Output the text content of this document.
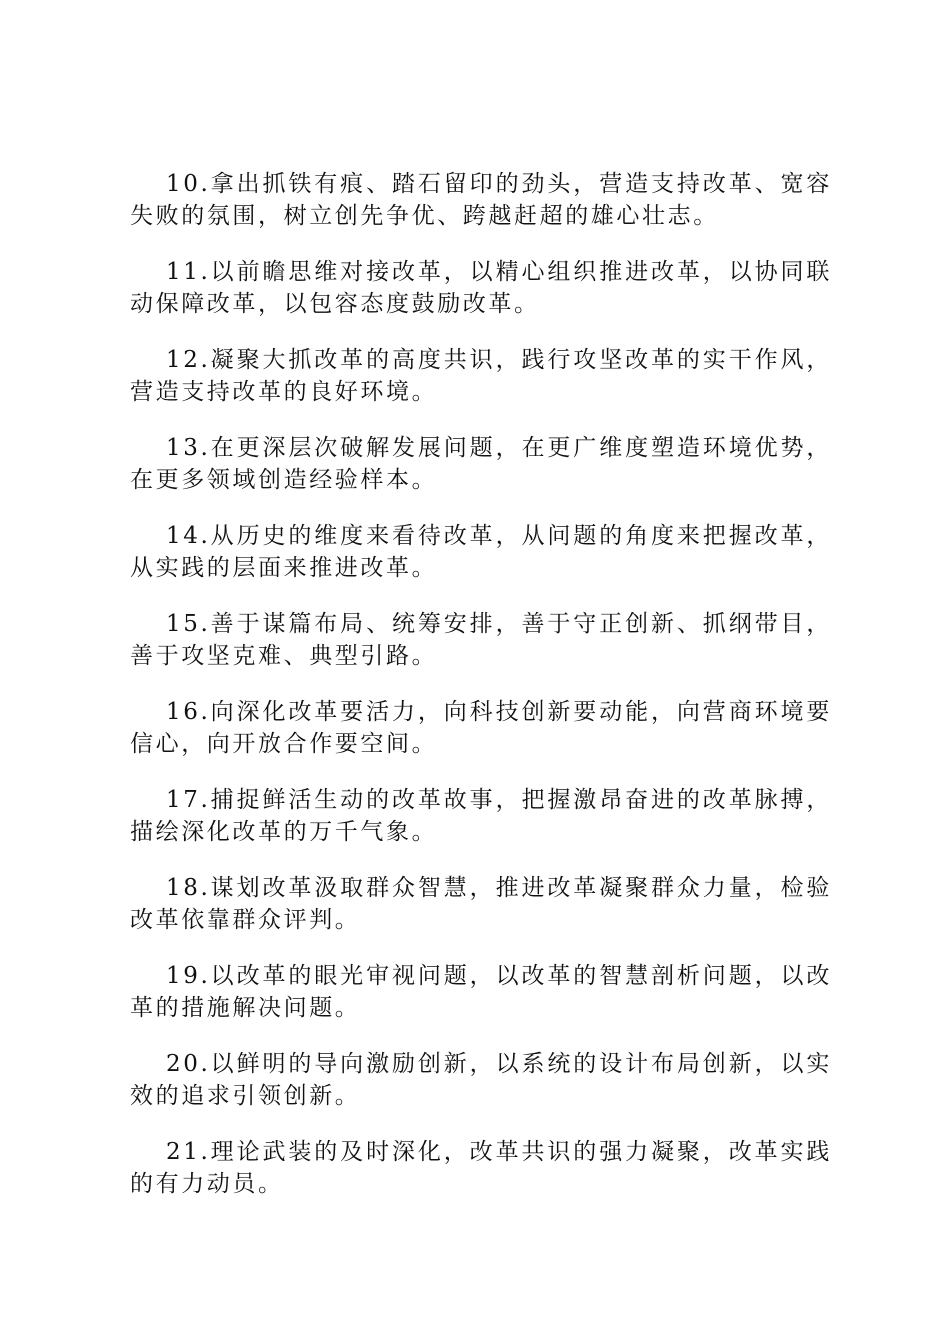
10.拿出抓铁有痕、踏石留印的劲头，营造支持改革、宽容失败的氛围，树立创先争优、跨越赶超的雄心壮志。

11.以前瞻思维对接改革，以精心组织推进改革，以协同联动保障改革，以包容态度鼓励改革。

12.凝聚大抓改革的高度共识，践行攻坚改革的实干作风，营造支持改革的良好环境。

13.在更深层次破解发展问题，在更广维度塑造环境优势，在更多领域创造经验样本。

14.从历史的维度来看待改革，从问题的角度来把握改革，从实践的层面来推进改革。

15.善于谋篇布局、统筹安排，善于守正创新、抓纲带目，善于攻坚克难、典型引路。

16.向深化改革要活力，向科技创新要动能，向营商环境要信心，向开放合作要空间。

17.捕捉鲜活生动的改革故事，把握激昂奋进的改革脉搏，描绘深化改革的万千气象。

18.谋划改革汲取群众智慧，推进改革凝聚群众力量，检验改革依靠群众评判。

19.以改革的眼光审视问题，以改革的智慧剖析问题，以改革的措施解决问题。

20.以鲜明的导向激励创新，以系统的设计布局创新，以实效的追求引领创新。

21.理论武装的及时深化，改革共识的强力凝聚，改革实践的有力动员。
